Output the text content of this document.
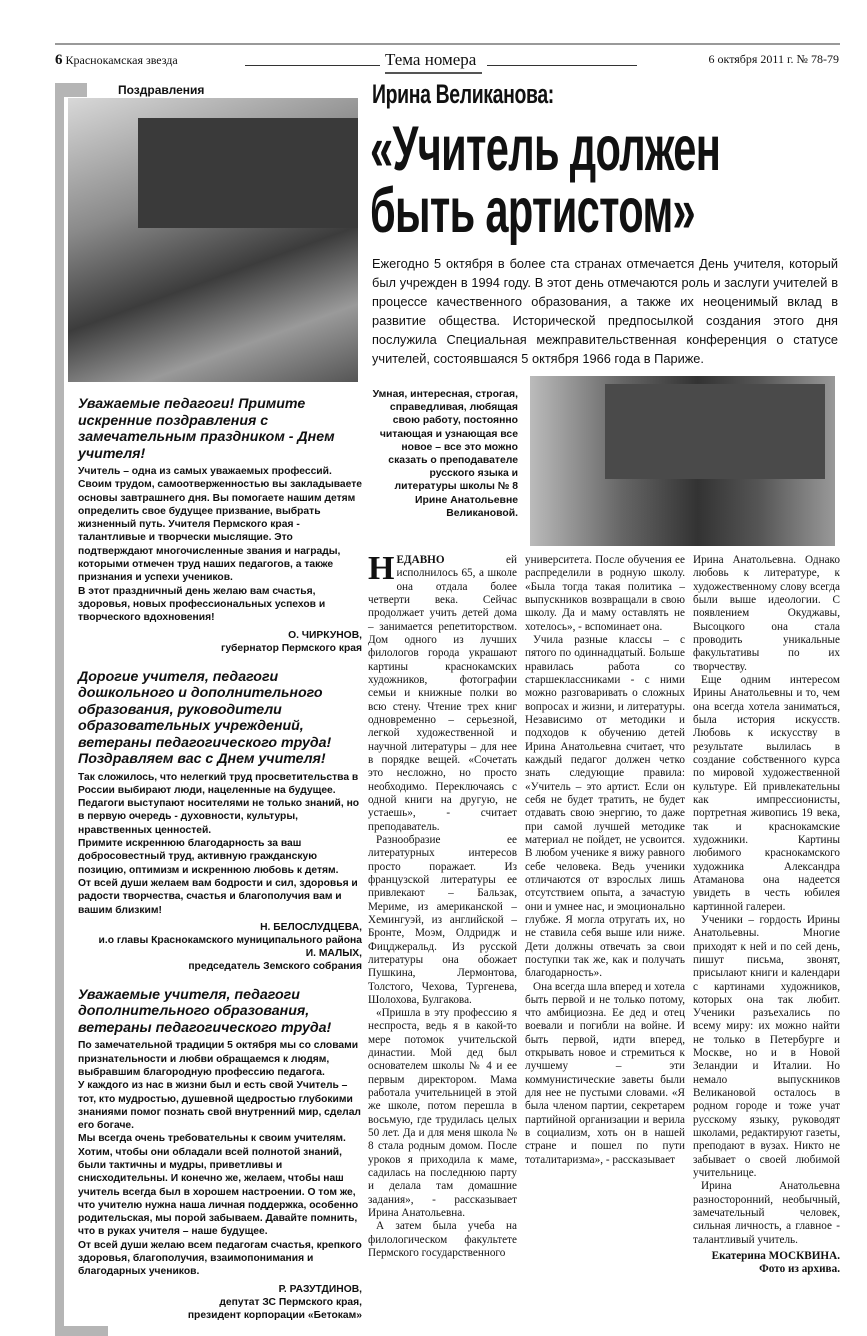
6 Краснокамская звезда	Тема номера	6 октября 2011 г. № 78-79
Поздравления
Уважаемые педагоги! Примите искренние поздравления с замечательным праздником - Днем учителя!

Учитель – одна из самых уважаемых профессий. Своим трудом, самоотверженностью вы закладываете основы завтрашнего дня. Вы помогаете нашим детям определить свое будущее призвание, выбрать жизненный путь. Учителя Пермского края - талантливые и творчески мыслящие. Это подтверждают многочисленные звания и награды, которыми отмечен труд наших педагогов, а также признания и успехи учеников.

В этот праздничный день желаю вам счастья, здоровья, новых профессиональных успехов и творческого вдохновения!

О. ЧИРКУНОВ,
губернатор Пермского края
Дорогие учителя, педагоги дошкольного и дополнительного образования, руководители образовательных учреждений, ветераны педагогического труда! Поздравляем вас с Днем учителя!

Так сложилось, что нелегкий труд просветительства в России выбирают люди, нацеленные на будущее. Педагоги выступают носителями не только знаний, но в первую очередь - духовности, культуры, нравственных ценностей.

Примите искреннюю благодарность за ваш добросовестный труд, активную гражданскую позицию, оптимизм и искреннюю любовь к детям.

От всей души желаем вам бодрости и сил, здоровья и радости творчества, счастья и благополучия вам и вашим близким!

Н. БЕЛОСЛУДЦЕВА,
и.о главы Краснокамского муниципального района
И. МАЛЫХ,
председатель Земского собрания
Уважаемые учителя, педагоги дополнительного образования, ветераны педагогического труда!

По замечательной традиции 5 октября мы со словами признательности и любви обращаемся к людям, выбравшим благородную профессию педагога.

У каждого из нас в жизни был и есть свой Учитель – тот, кто мудростью, душевной щедростью глубокими знаниями помог познать свой внутренний мир, сделал его богаче.

Мы всегда очень требовательны к своим учителям. Хотим, чтобы они обладали всей полнотой знаний, были тактичны и мудры, приветливы и снисходительны. И конечно же, желаем, чтобы наш учитель всегда был в хорошем настроении. О том же, что учителю нужна наша личная поддержка, особенно родительская, мы порой забываем. Давайте помнить, что в руках учителя – наше будущее.

От всей души желаю всем педагогам счастья, крепкого здоровья, благополучия, взаимопонимания и благодарных учеников.

Р. РАЗУТДИНОВ,
депутат ЗС Пермского края,
президент корпорации «Бетокам»
Ирина Великанова:
«Учитель должен
быть артистом»
Ежегодно 5 октября в более ста странах отмечается День учителя, который был учрежден в 1994 году. В этот день отмечаются роль и заслуги учителей в процессе качественного образования, а также их неоценимый вклад в развитие общества. Исторической предпосылкой создания этого дня послужила Специальная межправительственная конференция о статусе учителей, состоявшаяся 5 октября 1966 года в Париже.
Умная, интересная, строгая, справедливая, любящая свою работу, постоянно читающая и узнающая все новое – все это можно сказать о преподавателе русского языка и литературы школы № 8 Ирине Анатольевне Великановой.

НЕДАВНО	ей исполнилось 65, а школе она отдала более четверти века. Сейчас продолжает учить детей дома – занимается репетиторством. Дом одного из лучших филологов города украшают картины краснокамских художников, фотографии семьи и книжные полки во всю стену. Чтение трех книг одновременно – серьезной, легкой художественной и научной литературы – для нее в порядке вещей. «Сочетать это несложно, но просто необходимо. Переключаясь с одной книги на другую, не устаешь», - считает преподаватель.

Разнообразие ее литературных интересов просто поражает. Из французской литературы ее привлекают – Бальзак, Мериме, из американской – Хемингуэй, из английской – Бронте, Моэм, Олдридж и Фицджеральд. Из русской литературы она обожает Пушкина, Лермонтова, Толстого, Чехова, Тургенева, Шолохова, Булгакова.

«Пришла в эту профессию я неспроста, ведь я в какой-то мере потомок учительской династии. Мой дед был основателем школы № 4 и ее первым директором. Мама работала учительницей в этой же школе, потом перешла в восьмую, где трудилась целых 50 лет. Да и для меня школа № 8 стала родным домом. После уроков я приходила к маме, садилась на последнюю парту и делала там домашние задания», - рассказывает Ирина Анатольевна.

А затем была учеба на филологическом факультете Пермского государственного

университета. После обучения ее распределили в родную школу. «Была тогда такая политика – выпускников возвращали в свою школу. Да и маму оставлять не хотелось», - вспоминает она.

Учила разные классы – с пятого по одиннадцатый. Больше нравилась работа со старшеклассниками - с ними можно разговаривать о сложных вопросах и жизни, и литературы. Независимо от методики и подходов к обучению детей Ирина Анатольевна считает, что каждый педагог должен четко знать следующие правила: «Учитель – это артист. Если он себя не будет тратить, не будет отдавать свою энергию, то даже при самой лучшей методике материал не пойдет, не усвоится. В любом ученике я вижу равного себе человека. Ведь ученики отличаются от взрослых лишь отсутствием опыта, а зачастую они и умнее нас, и эмоционально глубже. Я могла отругать их, но не ставила себя выше или ниже. Дети должны отвечать за свои поступки так же, как и получать благодарность».

Она всегда шла вперед и хотела быть первой и не только потому, что амбициозна. Ее дед и отец воевали и погибли на войне. И быть первой, идти вперед, открывать новое и стремиться к лучшему – эти коммунистические заветы были для нее не пустыми словами. «Я была членом партии, секретарем партийной организации и верила в социализм, хоть он в нашей стране и пошел по пути тоталитаризма», - рассказывает

Ирина Анатольевна. Однако любовь к литературе, к художественному слову всегда были выше идеологии. С появлением Окуджавы, Высоцкого она стала проводить уникальные факультативы по их творчеству.

Еще одним интересом Ирины Анатольевны и то, чем она всегда хотела заниматься, была история искусств. Любовь к искусству в результате вылилась в создание собственного курса по мировой художественной культуре. Ей привлекательны как импрессионисты, портретная живопись 19 века, так и краснокамские художники. Картины любимого краснокамского художника Александра Атаманова она надеется увидеть в честь юбилея картинной галереи.

Ученики – гордость Ирины Анатольевны. Многие приходят к ней и по сей день, пишут письма, звонят, присылают книги и календари с картинами художников, которых она так любит. Ученики разъехались по всему миру: их можно найти не только в Петербурге и Москве, но и в Новой Зеландии и Италии. Но немало выпускников Великановой осталось в родном городе и тоже учат русскому языку, руководят школами, редактируют газеты, преподают в вузах. Никто не забывает о своей любимой учительнице.

Ирина Анатольевна разносторонний, необычный, замечательный человек, сильная личность, а главное - талантливый учитель.

Екатерина МОСКВИНА.
Фото из архива.
